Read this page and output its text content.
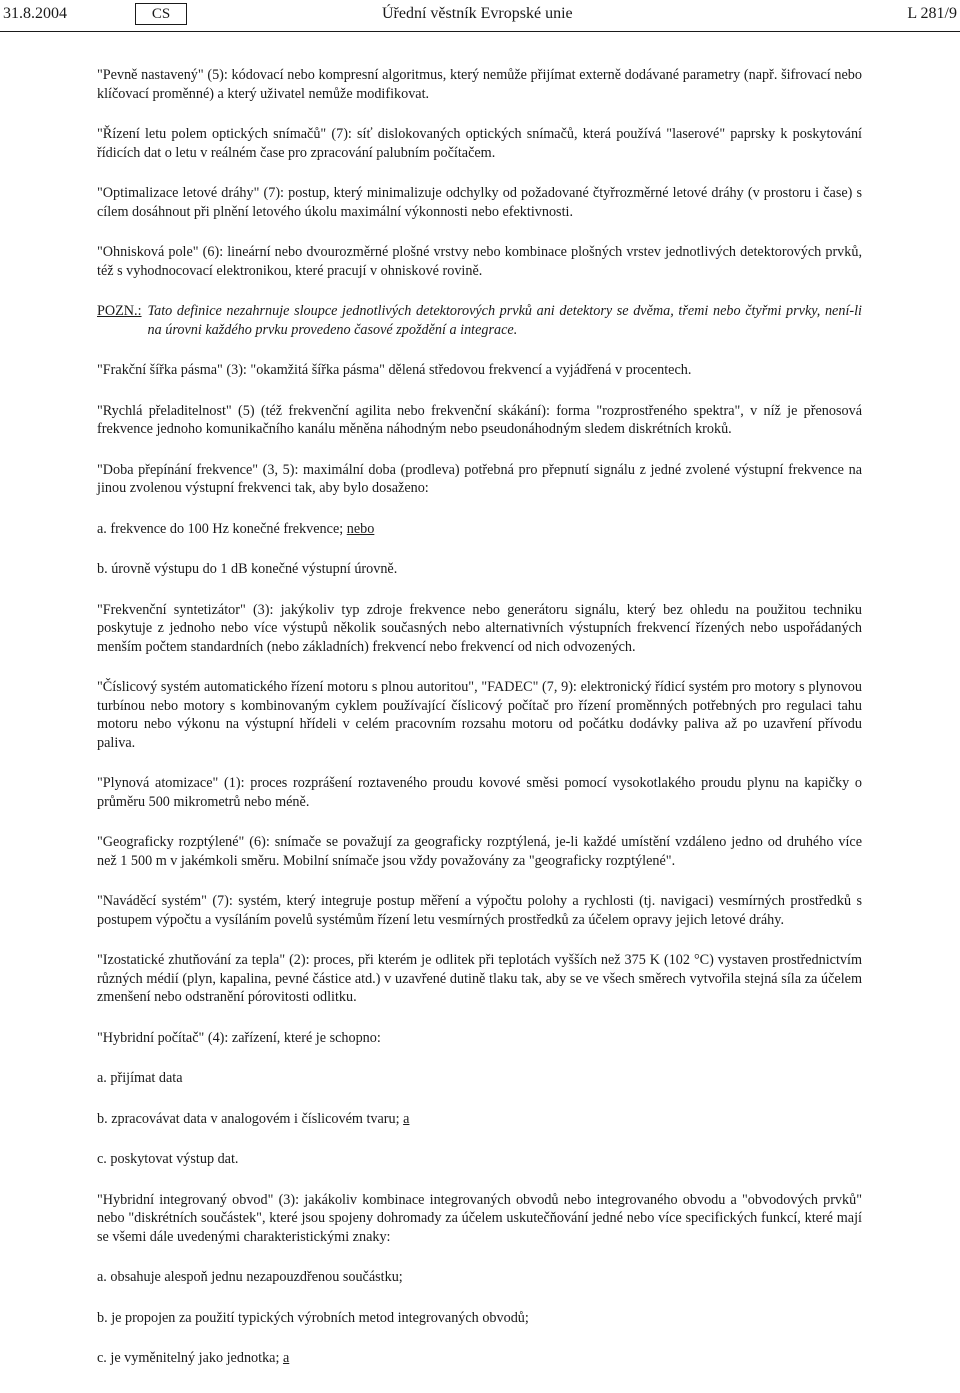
31.8.2004	CS	Úřední věstník Evropské unie	L 281/9

"Pevně nastavený" (5): kódovací nebo kompresní algoritmus, který nemůže přijímat externě dodávané parametry (např. šifrovací nebo klíčovací proměnné) a který uživatel nemůže modifikovat.

"Řízení letu polem optických snímačů" (7): síť dislokovaných optických snímačů, která používá "laserové" paprsky k poskytování řídicích dat o letu v reálném čase pro zpracování palubním počítačem.

"Optimalizace letové dráhy" (7): postup, který minimalizuje odchylky od požadované čtyřrozměrné letové dráhy (v prostoru i čase) s cílem dosáhnout při plnění letového úkolu maximální výkonnosti nebo efektivnosti.

"Ohnisková pole" (6): lineární nebo dvourozměrné plošné vrstvy nebo kombinace plošných vrstev jednotlivých detektorových prvků, též s vyhodnocovací elektronikou, které pracují v ohniskové rovině.

POZN.: Tato definice nezahrnuje sloupce jednotlivých detektorových prvků ani detektory se dvěma, třemi nebo čtyřmi prvky, není-li na úrovni každého prvku provedeno časové zpoždění a integrace.

"Frakční šířka pásma" (3): "okamžitá šířka pásma" dělená středovou frekvencí a vyjádřená v procentech.

"Rychlá přeladitelnost" (5) (též frekvenční agilita nebo frekvenční skákání): forma "rozprostřeného spektra", v níž je přenosová frekvence jednoho komunikačního kanálu měněna náhodným nebo pseudonáhodným sledem diskrétních kroků.

"Doba přepínání frekvence" (3, 5): maximální doba (prodleva) potřebná pro přepnutí signálu z jedné zvolené výstupní frekvence na jinou zvolenou výstupní frekvenci tak, aby bylo dosaženo:

a. frekvence do 100 Hz konečné frekvence; nebo

b. úrovně výstupu do 1 dB konečné výstupní úrovně.

"Frekvenční syntetizátor" (3): jakýkoliv typ zdroje frekvence nebo generátoru signálu, který bez ohledu na použitou techniku poskytuje z jednoho nebo více výstupů několik současných nebo alternativních výstupních frekvencí řízených nebo uspořádaných menším počtem standardních (nebo základních) frekvencí nebo frekvencí od nich odvozených.

"Číslicový systém automatického řízení motoru s plnou autoritou", "FADEC" (7, 9): elektronický řídicí systém pro motory s plynovou turbínou nebo motory s kombinovaným cyklem používající číslicový počítač pro řízení proměnných potřebných pro regulaci tahu motoru nebo výkonu na výstupní hřídeli v celém pracovním rozsahu motoru od počátku dodávky paliva až po uzavření přívodu paliva.

"Plynová atomizace" (1): proces rozprášení roztaveného proudu kovové směsi pomocí vysokotlakého proudu plynu na kapičky o průměru 500 mikrometrů nebo méně.

"Geograficky rozptýlené" (6): snímače se považují za geograficky rozptýlená, je-li každé umístění vzdáleno jedno od druhého více než 1 500 m v jakémkoli směru. Mobilní snímače jsou vždy považovány za "geograficky rozptýlené".

"Naváděcí systém" (7): systém, který integruje postup měření a výpočtu polohy a rychlosti (tj. navigaci) vesmírných prostředků s postupem výpočtu a vysíláním povelů systémům řízení letu vesmírných prostředků za účelem opravy jejich letové dráhy.

"Izostatické zhutňování za tepla" (2): proces, při kterém je odlitek při teplotách vyšších než 375 K (102 °C) vystaven prostřednictvím různých médií (plyn, kapalina, pevné částice atd.) v uzavřené dutině tlaku tak, aby se ve všech směrech vytvořila stejná síla za účelem zmenšení nebo odstranění pórovitosti odlitku.

"Hybridní počítač" (4): zařízení, které je schopno:

a. přijímat data

b. zpracovávat data v analogovém i číslicovém tvaru; a

c. poskytovat výstup dat.

"Hybridní integrovaný obvod" (3): jakákoliv kombinace integrovaných obvodů nebo integrovaného obvodu a "obvodových prvků" nebo "diskrétních součástek", které jsou spojeny dohromady za účelem uskutečňování jedné nebo více specifických funkcí, které mají se všemi dále uvedenými charakteristickými znaky:

a. obsahuje alespoň jednu nezapouzdřenou součástku;

b. je propojen za použití typických výrobních metod integrovaných obvodů;

c. je vyměnitelný jako jednotka; a
